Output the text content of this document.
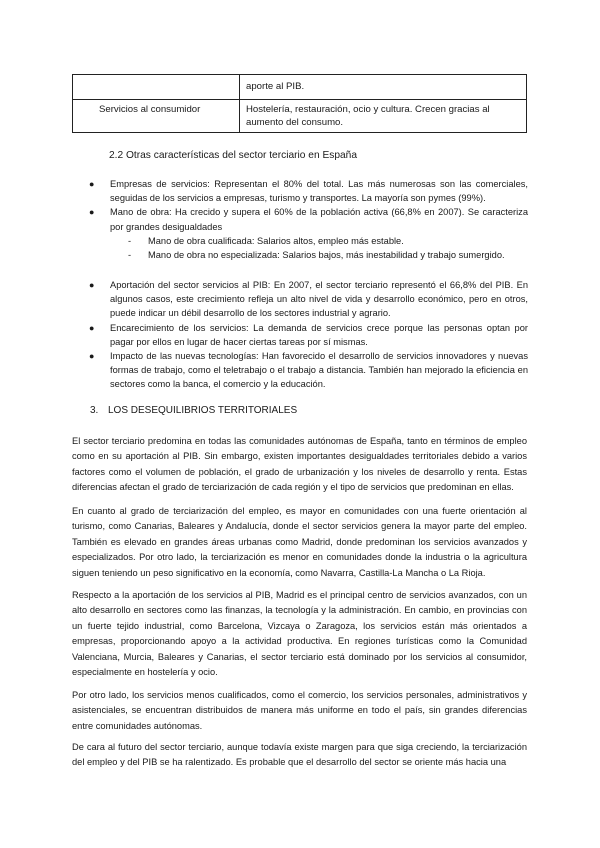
	aporte al PIB.
Servicios al consumidor	Hostelería, restauración, ocio y cultura. Crecen gracias al aumento del consumo.
2.2 Otras características del sector terciario en España
● Empresas de servicios: Representan el 80% del total. Las más numerosas son las comerciales, seguidas de los servicios a empresas, turismo y transportes. La mayoría son pymes (99%).
● Mano de obra: Ha crecido y supera el 60% de la población activa (66,8% en 2007). Se caracteriza por grandes desigualdades
- Mano de obra cualificada: Salarios altos, empleo más estable.
- Mano de obra no especializada: Salarios bajos, más inestabilidad y trabajo sumergido.
● Aportación del sector servicios al PIB: En 2007, el sector terciario representó el 66,8% del PIB. En algunos casos, este crecimiento refleja un alto nivel de vida y desarrollo económico, pero en otros, puede indicar un débil desarrollo de los sectores industrial y agrario.
● Encarecimiento de los servicios: La demanda de servicios crece porque las personas optan por pagar por ellos en lugar de hacer ciertas tareas por sí mismas.
● Impacto de las nuevas tecnologías: Han favorecido el desarrollo de servicios innovadores y nuevas formas de trabajo, como el teletrabajo o el trabajo a distancia. También han mejorado la eficiencia en sectores como la banca, el comercio y la educación.
3. LOS DESEQUILIBRIOS TERRITORIALES

El sector terciario predomina en todas las comunidades autónomas de España, tanto en términos de empleo como en su aportación al PIB. Sin embargo, existen importantes desigualdades territoriales debido a varios factores como el volumen de población, el grado de urbanización y los niveles de desarrollo y renta. Estas diferencias afectan el grado de terciarización de cada región y el tipo de servicios que predominan en ellas.

En cuanto al grado de terciarización del empleo, es mayor en comunidades con una fuerte orientación al turismo, como Canarias, Baleares y Andalucía, donde el sector servicios genera la mayor parte del empleo. También es elevado en grandes áreas urbanas como Madrid, donde predominan los servicios avanzados y especializados. Por otro lado, la terciarización es menor en comunidades donde la industria o la agricultura siguen teniendo un peso significativo en la economía, como Navarra, Castilla-La Mancha o La Rioja.

Respecto a la aportación de los servicios al PIB, Madrid es el principal centro de servicios avanzados, con un alto desarrollo en sectores como las finanzas, la tecnología y la administración. En cambio, en provincias con un fuerte tejido industrial, como Barcelona, Vizcaya o Zaragoza, los servicios están más orientados a empresas, proporcionando apoyo a la actividad productiva. En regiones turísticas como la Comunidad Valenciana, Murcia, Baleares y Canarias, el sector terciario está dominado por los servicios al consumidor, especialmente en hostelería y ocio.

Por otro lado, los servicios menos cualificados, como el comercio, los servicios personales, administrativos y asistenciales, se encuentran distribuidos de manera más uniforme en todo el país, sin grandes diferencias entre comunidades autónomas.

De cara al futuro del sector terciario, aunque todavía existe margen para que siga creciendo, la terciarización del empleo y del PIB se ha ralentizado. Es probable que el desarrollo del sector se oriente más hacia una
